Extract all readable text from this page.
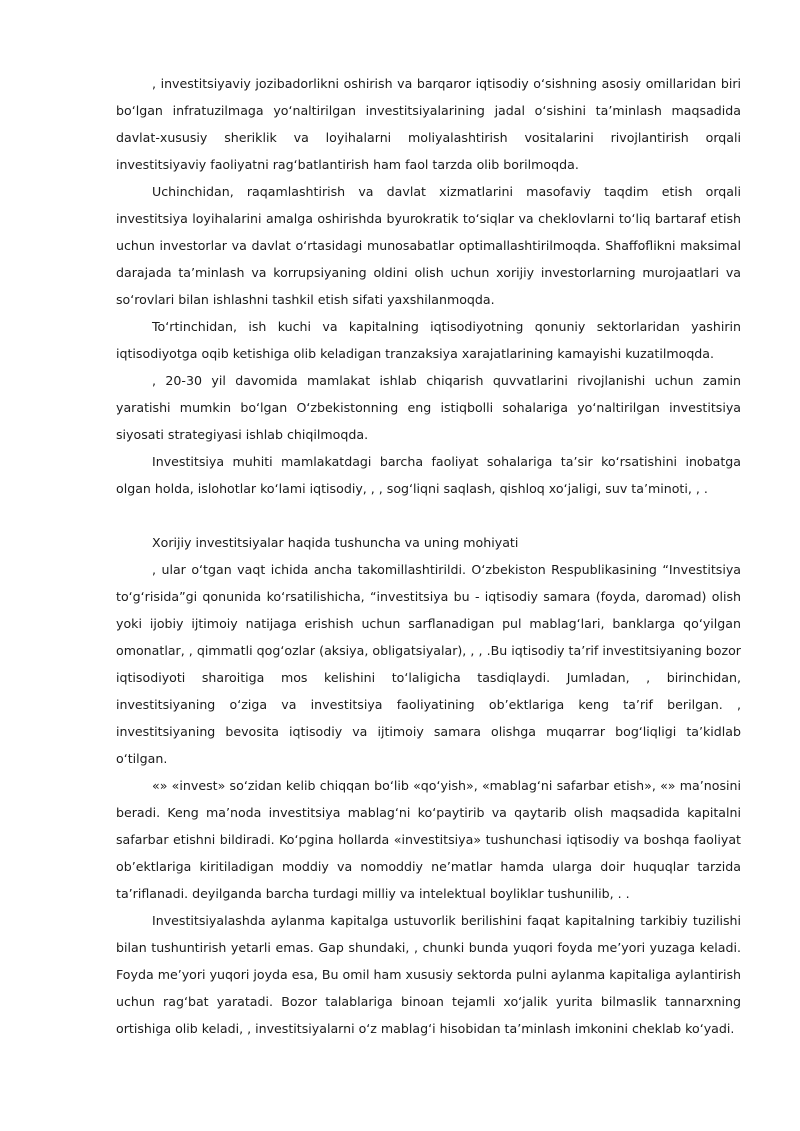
, investitsiyaviy jozibadorlikni oshirish va barqaror iqtisodiy o‘sishning asosiy omillaridan biri bo‘lgan infratuzilmaga yo‘naltirilgan investitsiyalarining jadal o‘sishini ta’minlash maqsadida davlat-xususiy sheriklik va loyihalarni moliyalashtirish vositalarini rivojlantirish orqali investitsiyaviy faoliyatni rag‘batlantirish ham faol tarzda olib borilmoqda.

Uchinchidan, raqamlashtirish va davlat xizmatlarini masofaviy taqdim etish orqali investitsiya loyihalarini amalga oshirishda byurokratik to‘siqlar va cheklovlarni to‘liq bartaraf etish uchun investorlar va davlat o‘rtasidagi munosabatlar optimallashtirilmoqda. Shaffoflikni maksimal darajada ta’minlash va korrupsiyaning oldini olish uchun xorijiy investorlarning murojaatlari va so‘rovlari bilan ishlashni tashkil etish sifati yaxshilanmoqda.

To‘rtinchidan, ish kuchi va kapitalning iqtisodiyotning qonuniy sektorlaridan yashirin iqtisodiyotga oqib ketishiga olib keladigan tranzaksiya xarajatlarining kamayishi kuzatilmoqda.

, 20-30 yil davomida mamlakat ishlab chiqarish quvvatlarini rivojlanishi uchun zamin yaratishi mumkin bo‘lgan O‘zbekistonning eng istiqbolli sohalariga yo‘naltirilgan investitsiya siyosati strategiyasi ishlab chiqilmoqda.

Investitsiya muhiti mamlakatdagi barcha faoliyat sohalariga ta’sir ko‘rsatishini inobatga olgan holda, islohotlar ko‘lami iqtisodiy, , , sog‘liqni saqlash, qishloq xo‘jaligi, suv ta’minoti, , .

Xorijiy investitsiyalar haqida tushuncha va uning mohiyati

, ular o‘tgan vaqt ichida ancha takomillashtirildi. O‘zbekiston Respublikasining “Investitsiya to‘g‘risida”gi qonunida ko‘rsatilishicha, “investitsiya bu - iqtisodiy samara (foyda, daromad) olish yoki ijobiy ijtimoiy natijaga erishish uchun sarflanadigan pul mablag‘lari, banklarga qo‘yilgan omonatlar, , qimmatli qog‘ozlar (aksiya, obligatsiyalar), , , .Bu iqtisodiy ta’rif investitsiyaning bozor iqtisodiyoti sharoitiga mos kelishini to‘laligicha tasdiqlaydi. Jumladan, , birinchidan, investitsiyaning o‘ziga va investitsiya faoliyatining ob’ektlariga keng ta’rif berilgan. , investitsiyaning bevosita iqtisodiy va ijtimoiy samara olishga muqarrar bog‘liqligi ta’kidlab o‘tilgan.

«» «invest» so‘zidan kelib chiqqan bo‘lib «qo‘yish», «mablag‘ni safarbar etish», «» ma’nosini beradi. Keng ma’noda investitsiya mablag‘ni ko‘paytirib va qaytarib olish maqsadida kapitalni safarbar etishni bildiradi. Ko‘pgina hollarda «investitsiya» tushunchasi iqtisodiy va boshqa faoliyat ob’ektlariga kiritiladigan moddiy va nomoddiy ne’matlar hamda ularga doir huquqlar tarzida ta’riflanadi. deyilganda barcha turdagi milliy va intelektual boyliklar tushunilib, . .

Investitsiyalashda aylanma kapitalga ustuvorlik berilishini faqat kapitalning tarkibiy tuzilishi bilan tushuntirish yetarli emas. Gap shundaki, , chunki bunda yuqori foyda me’yori yuzaga keladi. Foyda me’yori yuqori joyda esa, Bu omil ham xususiy sektorda pulni aylanma kapitaliga aylantirish uchun rag‘bat yaratadi. Bozor talablariga binoan tejamli xo‘jalik yurita bilmaslik tannarxning ortishiga olib keladi, , investitsiyalarni o‘z mablag‘i hisobidan ta’minlash imkonini cheklab ko‘yadi.
